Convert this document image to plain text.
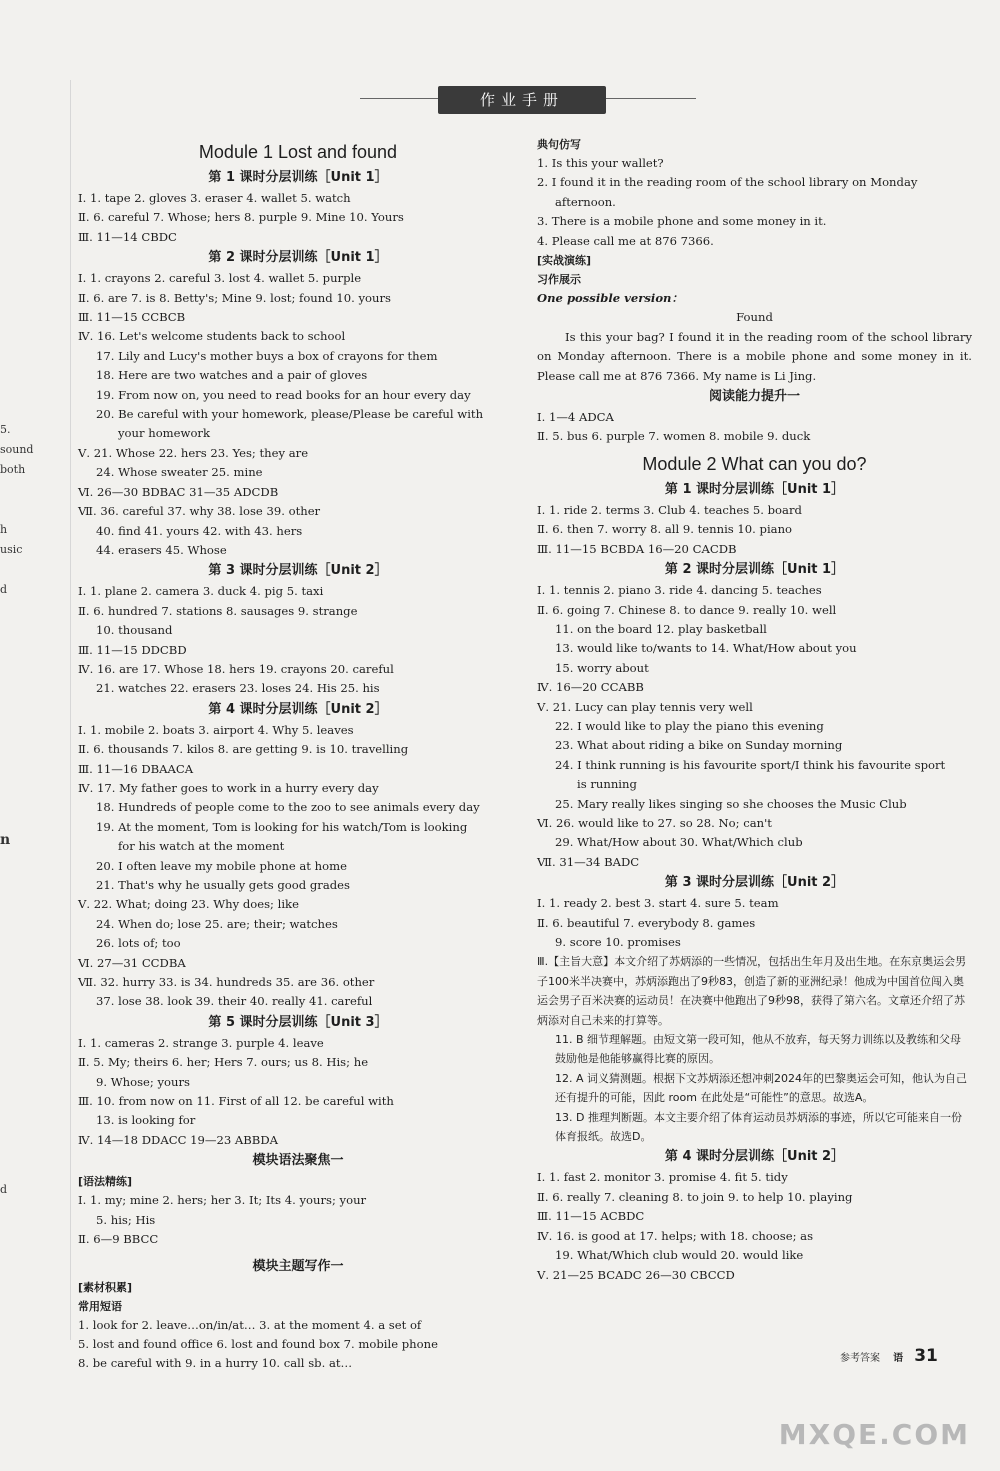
5. sound
both
h
usic
d
n
d
作业手册
Module 1 Lost and found
第 1 课时分层训练［Unit 1］
Ⅰ. 1. tape 2. gloves 3. eraser 4. wallet 5. watch
Ⅱ. 6. careful 7. Whose; hers 8. purple 9. Mine 10. Yours
Ⅲ. 11—14 CBDC
第 2 课时分层训练［Unit 1］
Ⅰ. 1. crayons 2. careful 3. lost 4. wallet 5. purple
Ⅱ. 6. are 7. is 8. Betty's; Mine 9. lost; found 10. yours
Ⅲ. 11—15 CCBCB
Ⅳ. 16. Let's welcome students back to school
17. Lily and Lucy's mother buys a box of crayons for them
18. Here are two watches and a pair of gloves
19. From now on, you need to read books for an hour every day
20. Be careful with your homework, please/Please be careful with
your homework
Ⅴ. 21. Whose 22. hers 23. Yes; they are
24. Whose sweater 25. mine
Ⅵ. 26—30 BDBAC 31—35 ADCDB
Ⅶ. 36. careful 37. why 38. lose 39. other
40. find 41. yours 42. with 43. hers
44. erasers 45. Whose
第 3 课时分层训练［Unit 2］
Ⅰ. 1. plane 2. camera 3. duck 4. pig 5. taxi
Ⅱ. 6. hundred 7. stations 8. sausages 9. strange
10. thousand
Ⅲ. 11—15 DDCBD
Ⅳ. 16. are 17. Whose 18. hers 19. crayons 20. careful
21. watches 22. erasers 23. loses 24. His 25. his
第 4 课时分层训练［Unit 2］
Ⅰ. 1. mobile 2. boats 3. airport 4. Why 5. leaves
Ⅱ. 6. thousands 7. kilos 8. are getting 9. is 10. travelling
Ⅲ. 11—16 DBAACA
Ⅳ. 17. My father goes to work in a hurry every day
18. Hundreds of people come to the zoo to see animals every day
19. At the moment, Tom is looking for his watch/Tom is looking
for his watch at the moment
20. I often leave my mobile phone at home
21. That's why he usually gets good grades
Ⅴ. 22. What; doing 23. Why does; like
24. When do; lose 25. are; their; watches
26. lots of; too
Ⅵ. 27—31 CCDBA
Ⅶ. 32. hurry 33. is 34. hundreds 35. are 36. other
37. lose 38. look 39. their 40. really 41. careful
第 5 课时分层训练［Unit 3］
Ⅰ. 1. cameras 2. strange 3. purple 4. leave
Ⅱ. 5. My; theirs 6. her; Hers 7. ours; us 8. His; he
9. Whose; yours
Ⅲ. 10. from now on 11. First of all 12. be careful with
13. is looking for
Ⅳ. 14—18 DDACC 19—23 ABBDA
模块语法聚焦一
[语法精练]
Ⅰ. 1. my; mine 2. hers; her 3. It; Its 4. yours; your
5. his; His
Ⅱ. 6—9 BBCC
模块主题写作一
[素材积累]
常用短语
1. look for 2. leave…on/in/at… 3. at the moment 4. a set of
5. lost and found office 6. lost and found box 7. mobile phone
8. be careful with 9. in a hurry 10. call sb. at…
典句仿写
1. Is this your wallet?
2. I found it in the reading room of the school library on Monday
afternoon.
3. There is a mobile phone and some money in it.
4. Please call me at 876 7366.
[实战演练]
习作展示
One possible version：
Found
Is this your bag? I found it in the reading room of the school library on Monday afternoon. There is a mobile phone and some money in it. Please call me at 876 7366. My name is Li Jing.
阅读能力提升一
Ⅰ. 1—4 ADCA
Ⅱ. 5. bus 6. purple 7. women 8. mobile 9. duck
Module 2 What can you do?
第 1 课时分层训练［Unit 1］
Ⅰ. 1. ride 2. terms 3. Club 4. teaches 5. board
Ⅱ. 6. then 7. worry 8. all 9. tennis 10. piano
Ⅲ. 11—15 BCBDA 16—20 CACDB
第 2 课时分层训练［Unit 1］
Ⅰ. 1. tennis 2. piano 3. ride 4. dancing 5. teaches
Ⅱ. 6. going 7. Chinese 8. to dance 9. really 10. well
11. on the board 12. play basketball
13. would like to/wants to 14. What/How about you
15. worry about
Ⅳ. 16—20 CCABB
Ⅴ. 21. Lucy can play tennis very well
22. I would like to play the piano this evening
23. What about riding a bike on Sunday morning
24. I think running is his favourite sport/I think his favourite sport
is running
25. Mary really likes singing so she chooses the Music Club
Ⅵ. 26. would like to 27. so 28. No; can't
29. What/How about 30. What/Which club
Ⅶ. 31—34 BADC
第 3 课时分层训练［Unit 2］
Ⅰ. 1. ready 2. best 3. start 4. sure 5. team
Ⅱ. 6. beautiful 7. everybody 8. games
9. score 10. promises
Ⅲ.【主旨大意】本文介绍了苏炳添的一些情况，包括出生年月及出生地。在东京奥运会男子100米半决赛中，苏炳添跑出了9秒83，创造了新的亚洲纪录！他成为中国首位闯入奥运会男子百米决赛的运动员！在决赛中他跑出了9秒98，获得了第六名。文章还介绍了苏炳添对自己未来的打算等。
11. B 细节理解题。由短文第一段可知，他从不放弃，每天努力训练以及教练和父母鼓励他是他能够赢得比赛的原因。
12. A 词义猜测题。根据下文苏炳添还想冲刺2024年的巴黎奥运会可知，他认为自己还有提升的可能，因此 room 在此处是“可能性”的意思。故选A。
13. D 推理判断题。本文主要介绍了体育运动员苏炳添的事迹，所以它可能来自一份体育报纸。故选D。
第 4 课时分层训练［Unit 2］
Ⅰ. 1. fast 2. monitor 3. promise 4. fit 5. tidy
Ⅱ. 6. really 7. cleaning 8. to join 9. to help 10. playing
Ⅲ. 11—15 ACBDC
Ⅳ. 16. is good at 17. helps; with 18. choose; as
19. What/Which club would 20. would like
Ⅴ. 21—25 BCADC 26—30 CBCCD
参考答案 语 31
MXQE.COM
